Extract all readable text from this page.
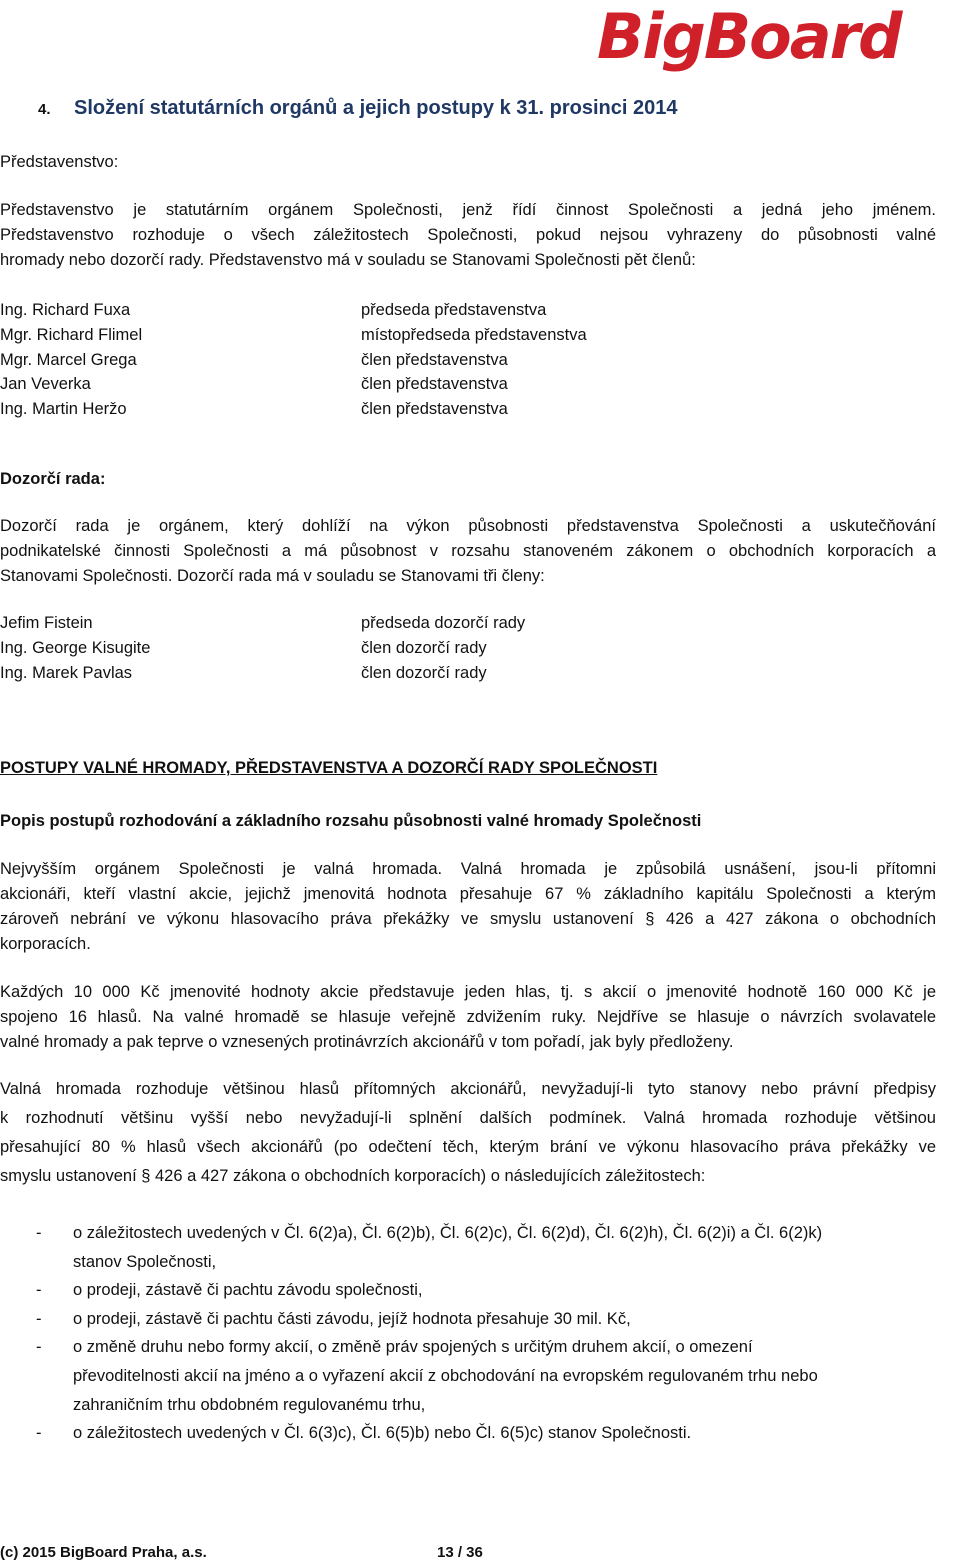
BigBoard
4. Složení statutárních orgánů a jejich postupy k 31. prosinci 2014
Představenstvo:
Představenstvo je statutárním orgánem Společnosti, jenž řídí činnost Společnosti a jedná jeho jménem.
Představenstvo rozhoduje o všech záležitostech Společnosti, pokud nejsou vyhrazeny do působnosti valné
hromady nebo dozorčí rady. Představenstvo má v souladu se Stanovami Společnosti pět členů:
Ing. Richard Fuxa	předseda představenstva
Mgr. Richard Flimel	místopředseda představenstva
Mgr. Marcel Grega	člen představenstva
Jan Veverka	člen představenstva
Ing. Martin Heržo	člen představenstva
Dozorčí rada:
Dozorčí rada je orgánem, který dohlíží na výkon působnosti představenstva Společnosti a uskutečňování
podnikatelské činnosti Společnosti a má působnost v rozsahu stanoveném zákonem o obchodních korporacích a
Stanovami Společnosti. Dozorčí rada má v souladu se Stanovami tři členy:
Jefim Fistein	předseda dozorčí rady
Ing. George Kisugite	člen dozorčí rady
Ing. Marek Pavlas	člen dozorčí rady
POSTUPY VALNÉ HROMADY, PŘEDSTAVENSTVA A DOZORČÍ RADY SPOLEČNOSTI
Popis postupů rozhodování a základního rozsahu působnosti valné hromady Společnosti
Nejvyšším orgánem Společnosti je valná hromada. Valná hromada je způsobilá usnášení, jsou-li přítomni
akcionáři, kteří vlastní akcie, jejichž jmenovitá hodnota přesahuje 67 % základního kapitálu Společnosti a kterým
zároveň nebrání ve výkonu hlasovacího práva překážky ve smyslu ustanovení § 426 a 427 zákona o obchodních
korporacích.
Každých 10 000 Kč jmenovité hodnoty akcie představuje jeden hlas, tj. s akcií o jmenovité hodnotě 160 000 Kč je
spojeno 16 hlasů. Na valné hromadě se hlasuje veřejně zdvižením ruky. Nejdříve se hlasuje o návrzích svolavatele
valné hromady a pak teprve o vznesených protinávrzích akcionářů v tom pořadí, jak byly předloženy.
Valná hromada rozhoduje většinou hlasů přítomných akcionářů, nevyžadují-li tyto stanovy nebo právní předpisy
k rozhodnutí většinu vyšší nebo nevyžadují-li splnění dalších podmínek. Valná hromada rozhoduje většinou
přesahující 80 % hlasů všech akcionářů (po odečtení těch, kterým brání ve výkonu hlasovacího práva překážky ve
smyslu ustanovení § 426 a 427 zákona o obchodních korporacích) o následujících záležitostech:
- o záležitostech uvedených v Čl. 6(2)a), Čl. 6(2)b), Čl. 6(2)c), Čl. 6(2)d), Čl. 6(2)h), Čl. 6(2)i) a Čl. 6(2)k)
stanov Společnosti,
- o prodeji, zástavě či pachtu závodu společnosti,
- o prodeji, zástavě či pachtu části závodu, jejíž hodnota přesahuje 30 mil. Kč,
- o změně druhu nebo formy akcií, o změně práv spojených s určitým druhem akcií, o omezení
převoditelnosti akcií na jméno a o vyřazení akcií z obchodování na evropském regulovaném trhu nebo
zahraničním trhu obdobném regulovanému trhu,
- o záležitostech uvedených v Čl. 6(3)c), Čl. 6(5)b) nebo Čl. 6(5)c) stanov Společnosti.
(c) 2015 BigBoard Praha, a.s.	13 / 36
